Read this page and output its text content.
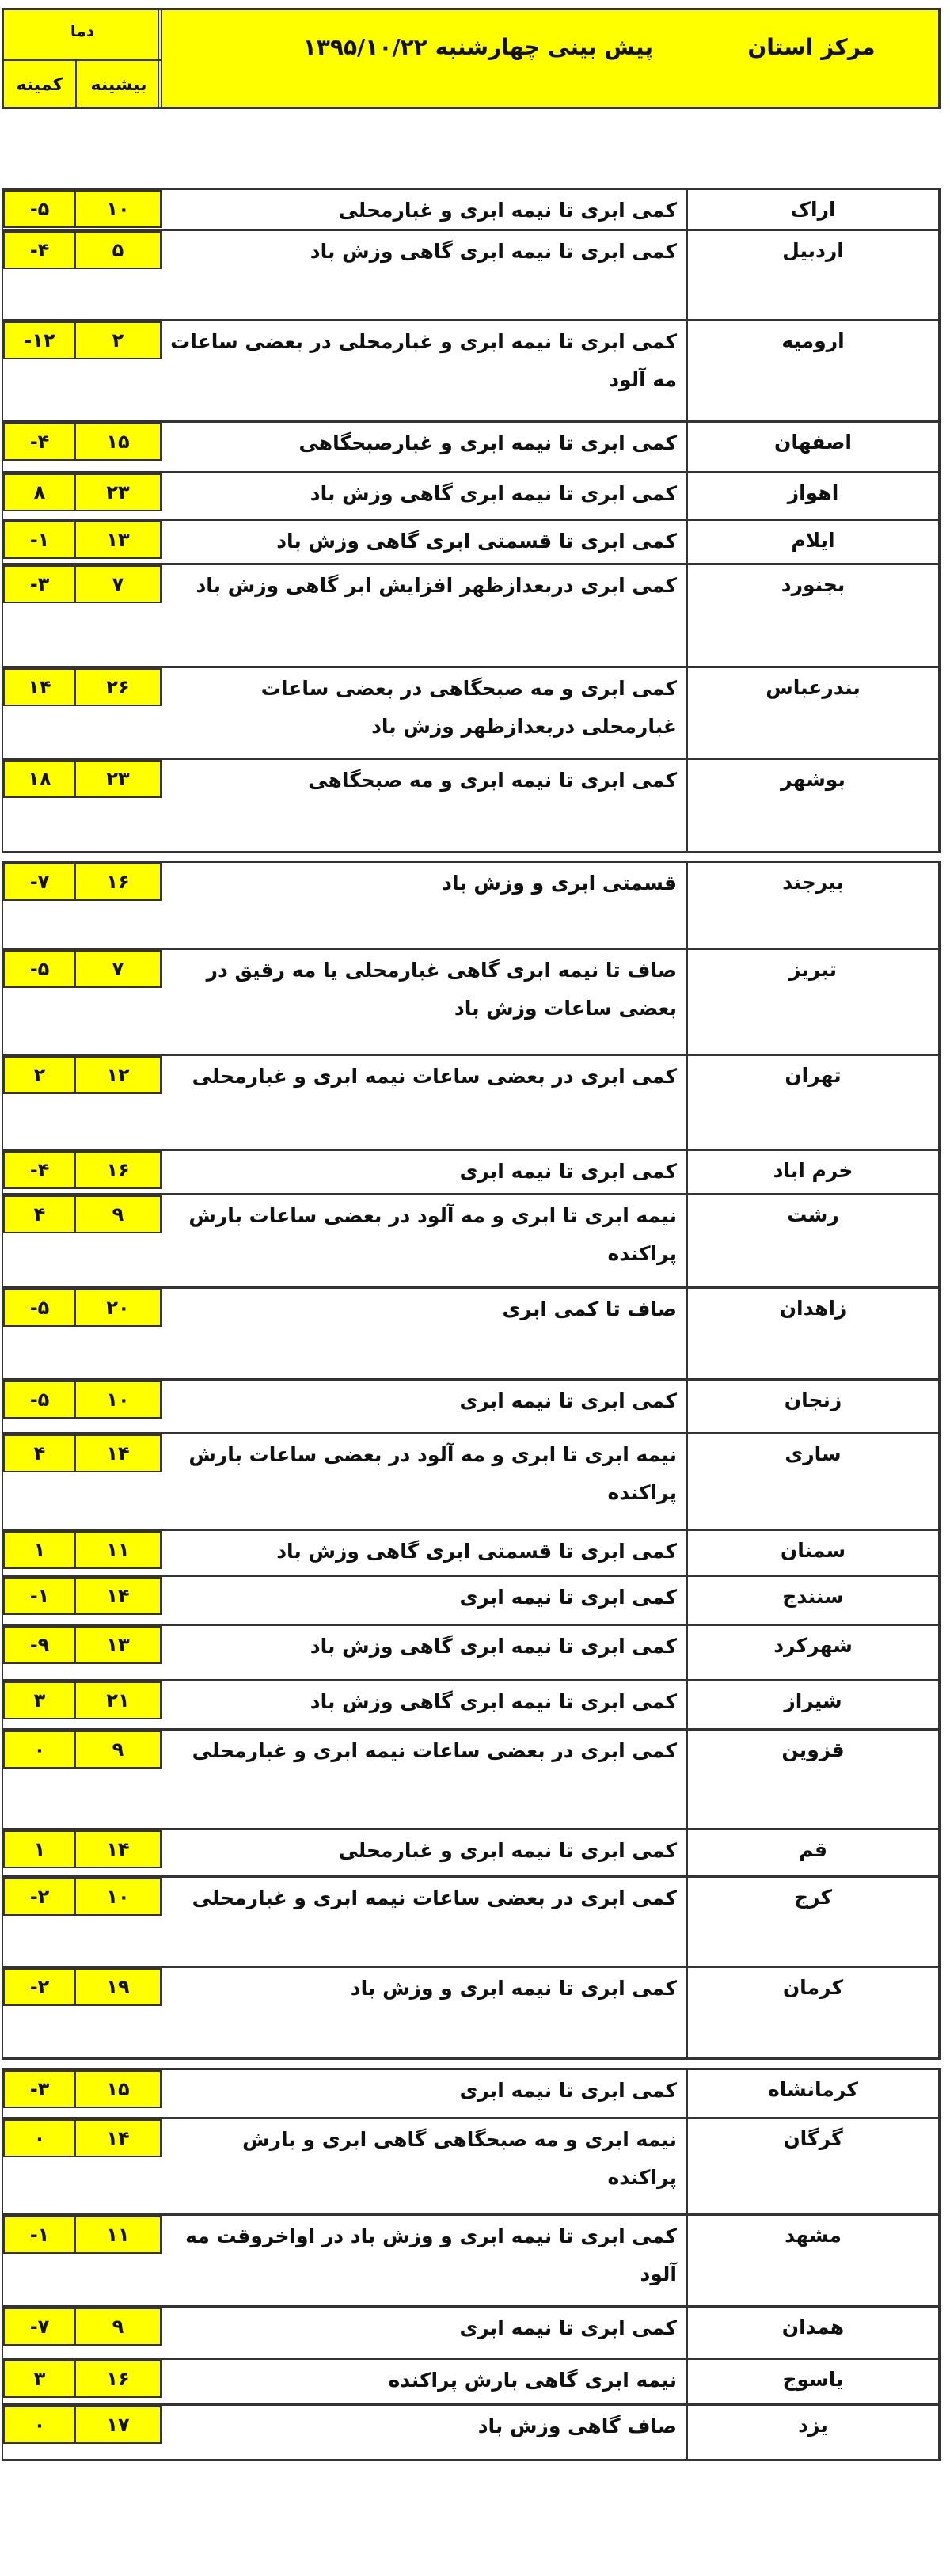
مرکز استان
پیش بینی چهارشنبه ۱۳۹۵/۱۰/۲۲
دما
بیشینه
کمینه
اراک
کمی ابری تا نیمه ابری و غبارمحلی
۱۰
-۵
اردبیل
کمی ابری تا نیمه ابری گاهی وزش باد
۵
-۴
ارومیه
کمی ابری تا نیمه ابری و غبارمحلی در بعضی ساعات مه آلود
۲
-۱۲
اصفهان
کمی ابری تا نیمه ابری و غبارصبحگاهی
۱۵
-۴
اهواز
کمی ابری تا نیمه ابری گاهی وزش باد
۲۳
۸
ایلام
کمی ابری تا قسمتی ابری گاهی وزش باد
۱۳
-۱
بجنورد
کمی ابری دربعدازظهر افزایش ابر گاهی وزش باد
۷
-۳
بندرعباس
کمی ابری و مه صبحگاهی در بعضی ساعات غبارمحلی دربعدازظهر وزش باد
۲۶
۱۴
بوشهر
کمی ابری تا نیمه ابری و مه صبحگاهی
۲۳
۱۸
بیرجند
قسمتی ابری و وزش باد
۱۶
-۷
تبریز
صاف تا نیمه ابری گاهی غبارمحلی یا مه رقیق در بعضی ساعات وزش باد
۷
-۵
تهران
کمی ابری در بعضی ساعات نیمه ابری و غبارمحلی
۱۲
۲
خرم اباد
کمی ابری تا نیمه ابری
۱۶
-۴
رشت
نیمه ابری تا ابری و مه آلود در بعضی ساعات بارش پراکنده
۹
۴
زاهدان
صاف تا کمی ابری
۲۰
-۵
زنجان
کمی ابری تا نیمه ابری
۱۰
-۵
ساری
نیمه ابری تا ابری و مه آلود در بعضی ساعات بارش پراکنده
۱۴
۴
سمنان
کمی ابری تا قسمتی ابری گاهی وزش باد
۱۱
۱
سنندج
کمی ابری تا نیمه ابری
۱۴
-۱
شهرکرد
کمی ابری تا نیمه ابری گاهی وزش باد
۱۳
-۹
شیراز
کمی ابری تا نیمه ابری گاهی وزش باد
۲۱
۳
قزوین
کمی ابری در بعضی ساعات نیمه ابری و غبارمحلی
۹
۰
قم
کمی ابری تا نیمه ابری و غبارمحلی
۱۴
۱
کرج
کمی ابری در بعضی ساعات نیمه ابری و غبارمحلی
۱۰
-۲
کرمان
کمی ابری تا نیمه ابری و وزش باد
۱۹
-۲
کرمانشاه
کمی ابری تا نیمه ابری
۱۵
-۳
گرگان
نیمه ابری و مه صبحگاهی گاهی ابری و بارش پراکنده
۱۴
۰
مشهد
کمی ابری تا نیمه ابری و وزش باد در اواخروقت مه آلود
۱۱
-۱
همدان
کمی ابری تا نیمه ابری
۹
-۷
یاسوج
نیمه ابری گاهی بارش پراکنده
۱۶
۳
یزد
صاف گاهی وزش باد
۱۷
۰
